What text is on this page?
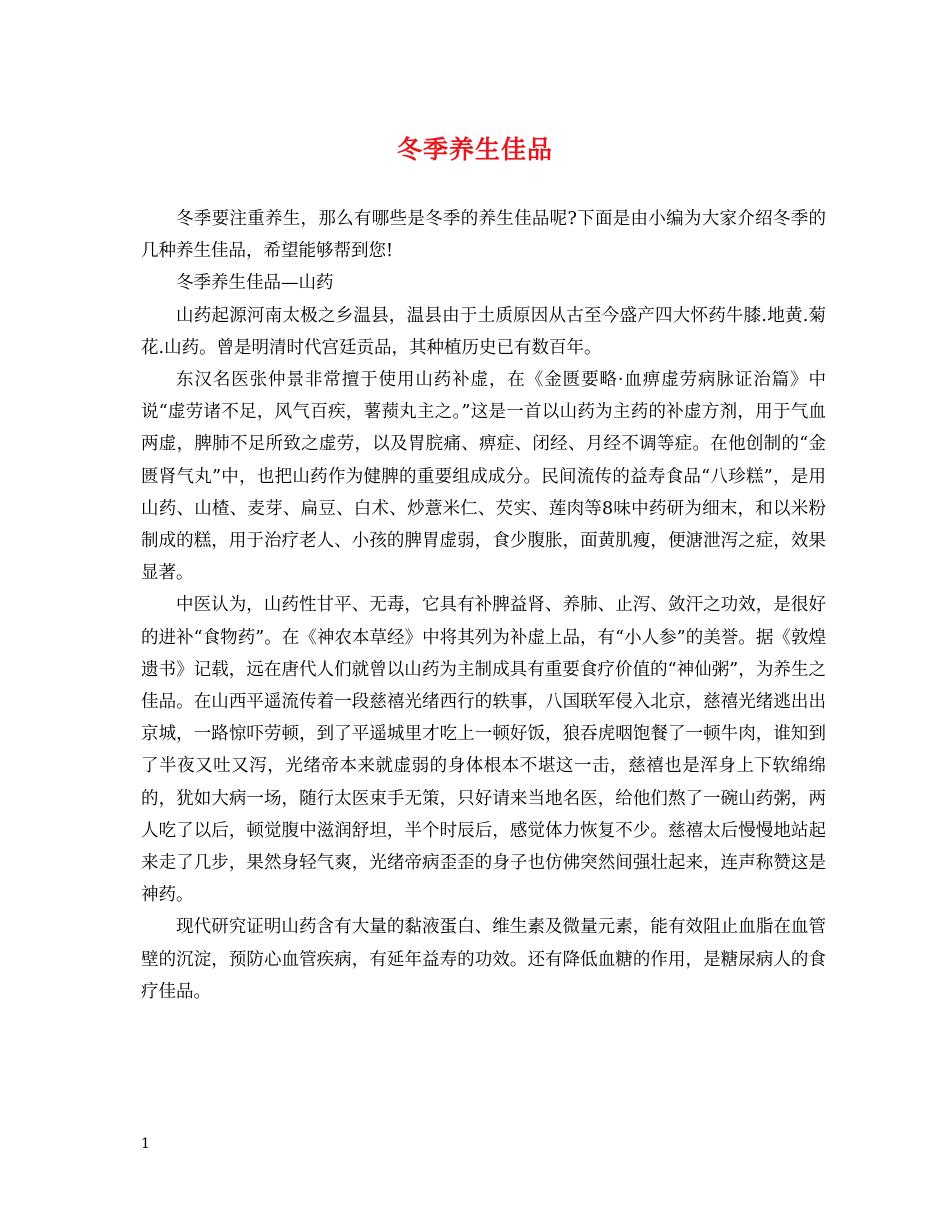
冬季养生佳品

冬季要注重养生，那么有哪些是冬季的养生佳品呢?下面是由小编为大家介绍冬季的几种养生佳品，希望能够帮到您!

冬季养生佳品—山药

山药起源河南太极之乡温县，温县由于土质原因从古至今盛产四大怀药牛膝.地黄.菊花.山药。曾是明清时代宫廷贡品，其种植历史已有数百年。

东汉名医张仲景非常擅于使用山药补虚，在《金匮要略·血痹虚劳病脉证治篇》中说“虚劳诸不足，风气百疾，薯蓣丸主之。”这是一首以山药为主药的补虚方剂，用于气血两虚，脾肺不足所致之虚劳，以及胃脘痛、痹症、闭经、月经不调等症。在他创制的“金匮肾气丸”中，也把山药作为健脾的重要组成成分。民间流传的益寿食品“八珍糕”，是用山药、山楂、麦芽、扁豆、白术、炒薏米仁、芡实、莲肉等8味中药研为细末，和以米粉制成的糕，用于治疗老人、小孩的脾胃虚弱，食少腹胀，面黄肌瘦，便溏泄泻之症，效果显著。

中医认为，山药性甘平、无毒，它具有补脾益肾、养肺、止泻、敛汗之功效，是很好的进补“食物药”。在《神农本草经》中将其列为补虚上品，有“小人参”的美誉。据《敦煌遗书》记载，远在唐代人们就曾以山药为主制成具有重要食疗价值的“神仙粥”，为养生之佳品。在山西平遥流传着一段慈禧光绪西行的轶事，八国联军侵入北京，慈禧光绪逃出出京城，一路惊吓劳顿，到了平遥城里才吃上一顿好饭，狼吞虎咽饱餐了一顿牛肉，谁知到了半夜又吐又泻，光绪帝本来就虚弱的身体根本不堪这一击，慈禧也是浑身上下软绵绵的，犹如大病一场，随行太医束手无策，只好请来当地名医，给他们熬了一碗山药粥，两人吃了以后，顿觉腹中滋润舒坦，半个时辰后，感觉体力恢复不少。慈禧太后慢慢地站起来走了几步，果然身轻气爽，光绪帝病歪歪的身子也仿佛突然间强壮起来，连声称赞这是神药。

现代研究证明山药含有大量的黏液蛋白、维生素及微量元素，能有效阻止血脂在血管壁的沉淀，预防心血管疾病，有延年益寿的功效。还有降低血糖的作用，是糖尿病人的食疗佳品。

1
